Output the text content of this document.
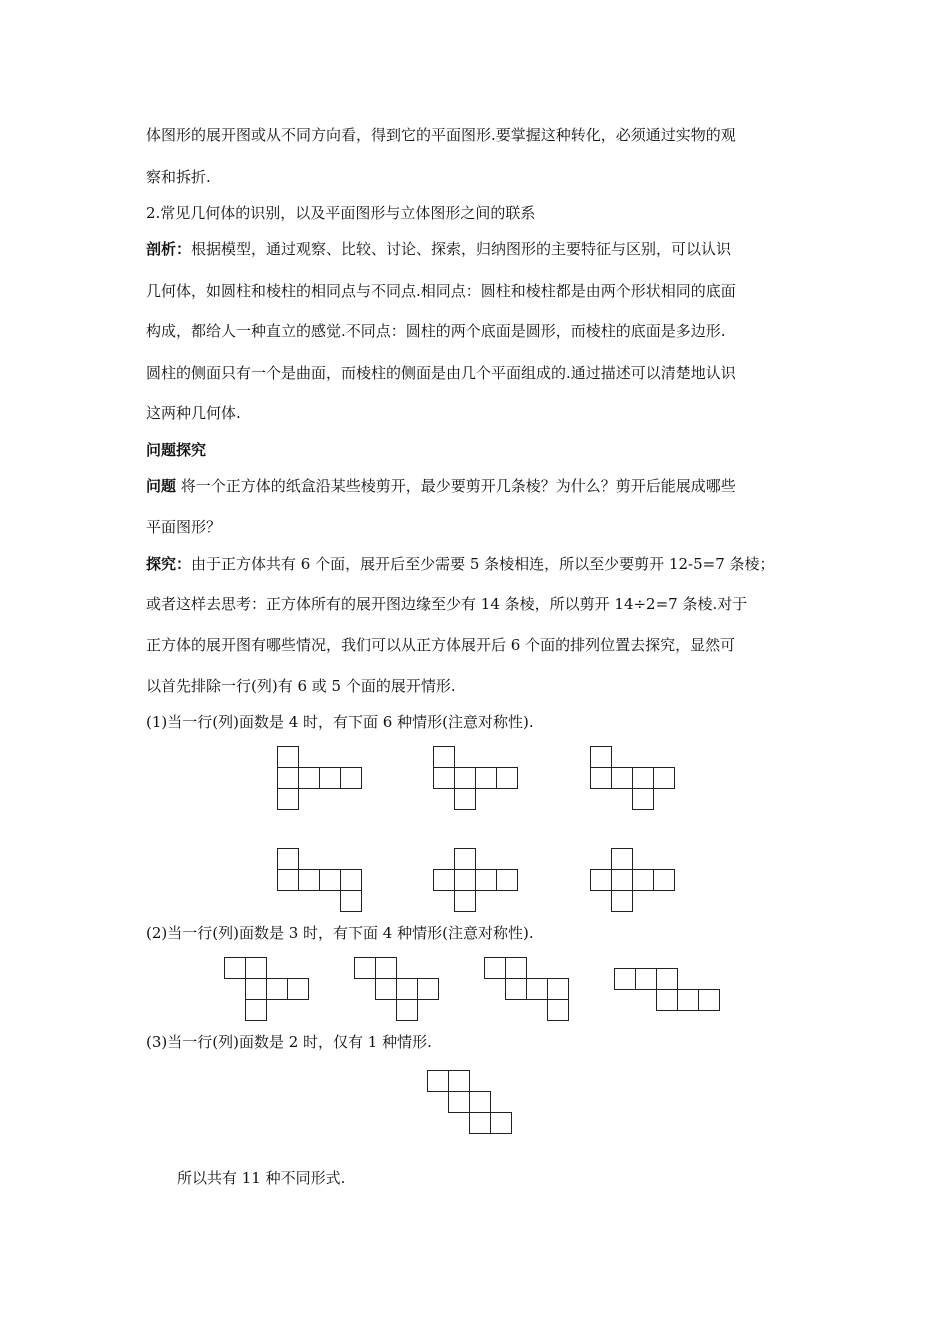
体图形的展开图或从不同方向看，得到它的平面图形.要掌握这种转化，必须通过实物的观
察和拆折.
2.常见几何体的识别，以及平面图形与立体图形之间的联系
剖析：根据模型，通过观察、比较、讨论、探索，归纳图形的主要特征与区别，可以认识
几何体，如圆柱和棱柱的相同点与不同点.相同点：圆柱和棱柱都是由两个形状相同的底面
构成，都给人一种直立的感觉.不同点：圆柱的两个底面是圆形，而棱柱的底面是多边形.
圆柱的侧面只有一个是曲面，而棱柱的侧面是由几个平面组成的.通过描述可以清楚地认识
这两种几何体.
问题探究
问题 将一个正方体的纸盒沿某些棱剪开，最少要剪开几条棱？为什么？剪开后能展成哪些
平面图形？
探究：由于正方体共有 6 个面，展开后至少需要 5 条棱相连，所以至少要剪开 12-5=7 条棱；
或者这样去思考：正方体所有的展开图边缘至少有 14 条棱，所以剪开 14÷2=7 条棱.对于
正方体的展开图有哪些情况，我们可以从正方体展开后 6 个面的排列位置去探究，显然可
以首先排除一行(列)有 6 或 5 个面的展开情形.
(1)当一行(列)面数是 4 时，有下面 6 种情形(注意对称性).
(2)当一行(列)面数是 3 时，有下面 4 种情形(注意对称性).
(3)当一行(列)面数是 2 时，仅有 1 种情形.
所以共有 11 种不同形式.
